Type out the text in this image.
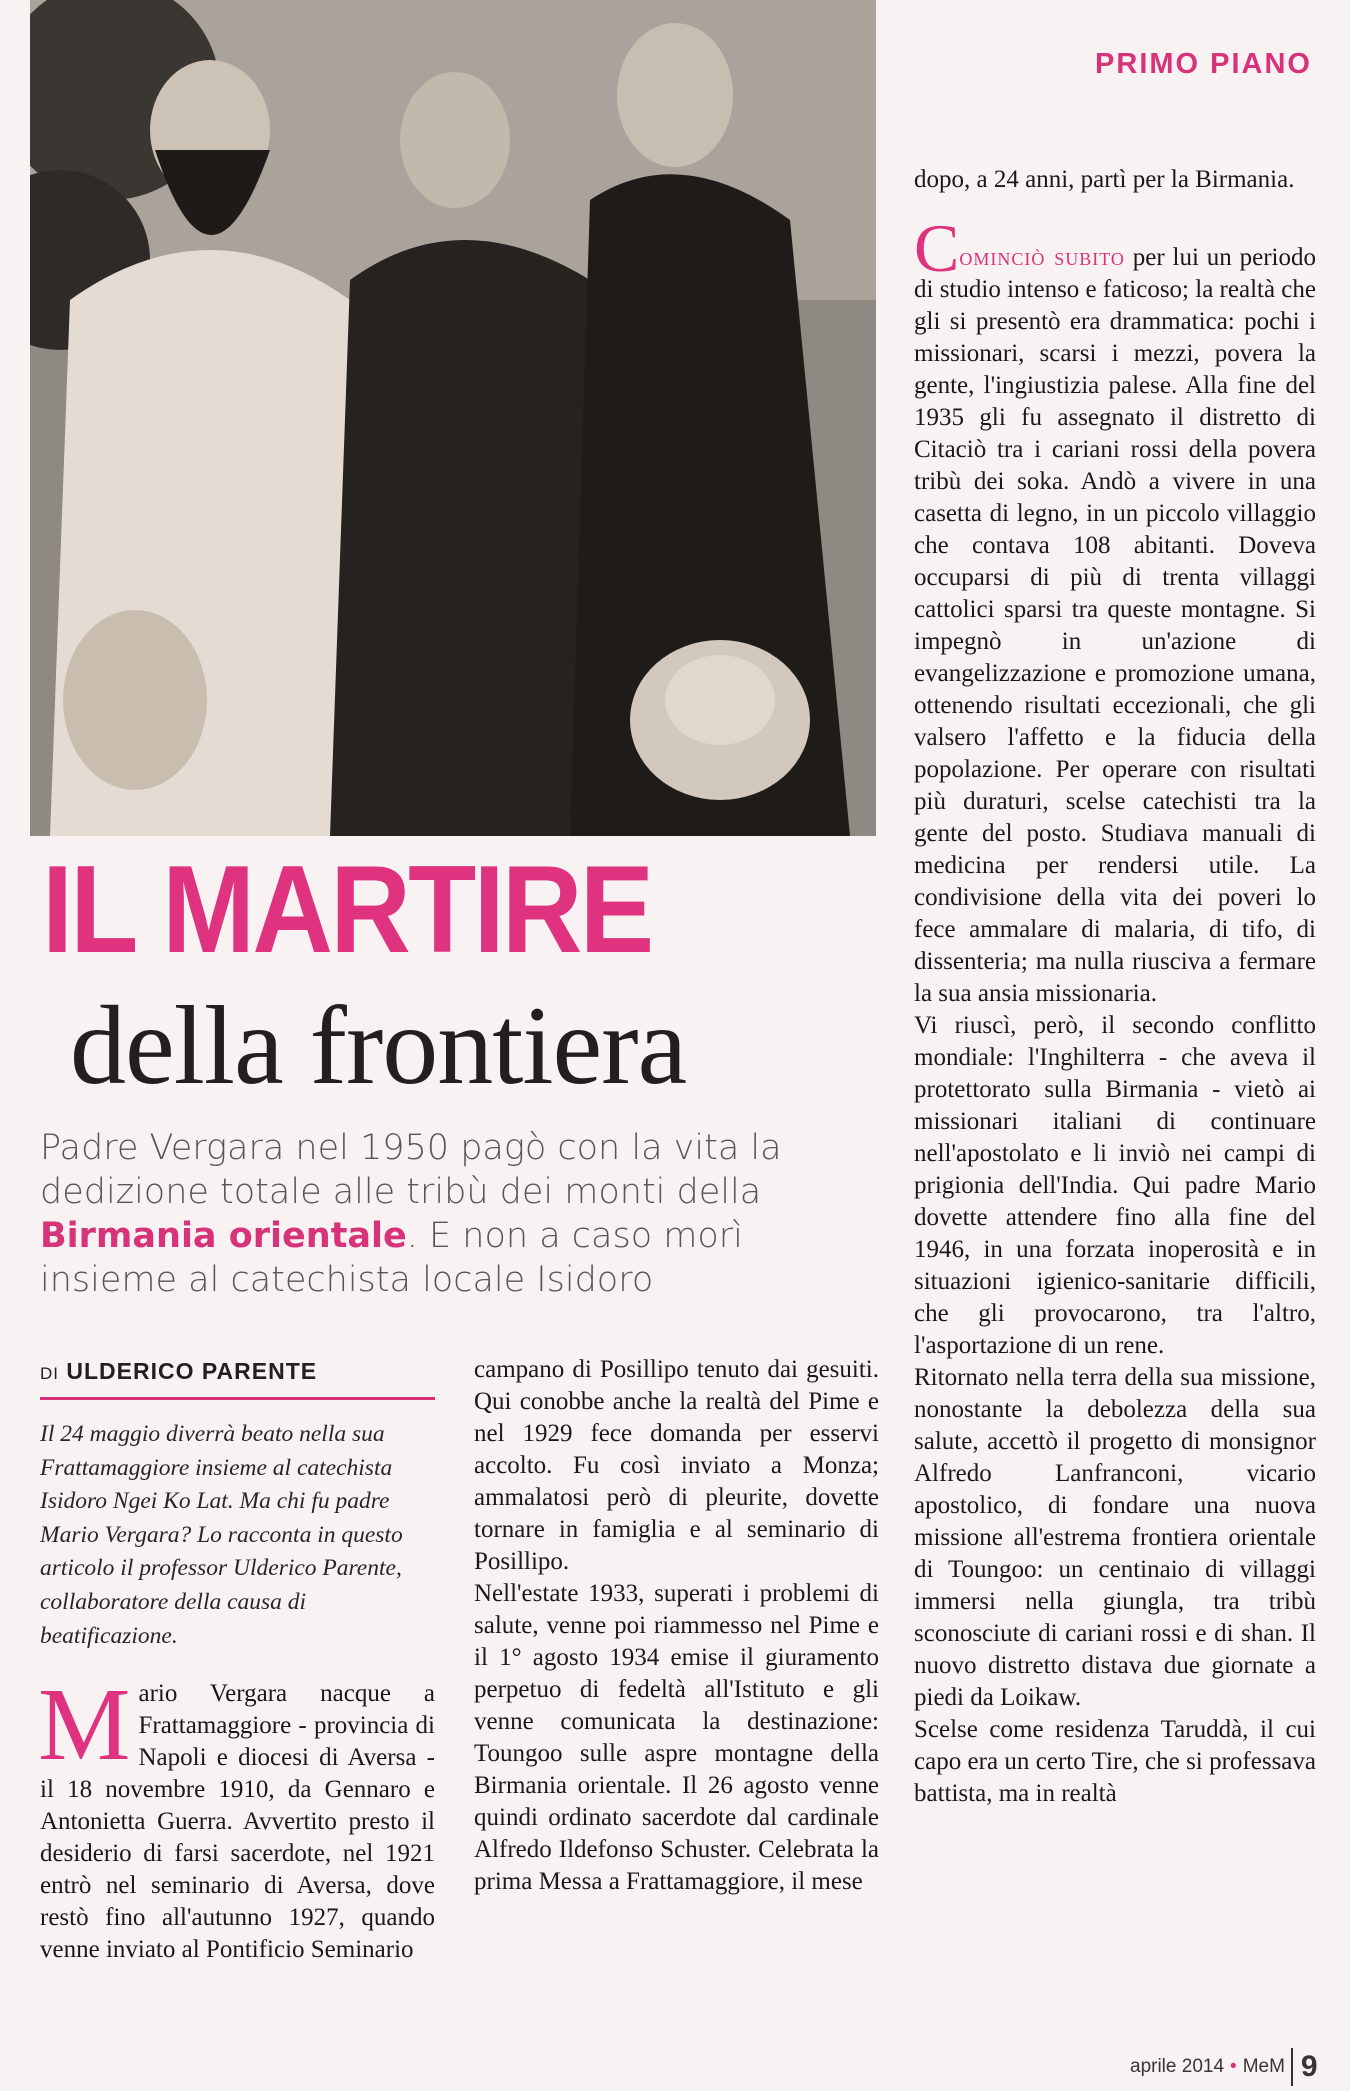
PRIMO PIANO
IL MARTIRE
della frontiera
Padre Vergara nel 1950 pagò con la vita la dedizione totale alle tribù dei monti della Birmania orientale. E non a caso morì insieme al catechista locale Isidoro
DI ULDERICO PARENTE
Il 24 maggio diverrà beato nella sua Frattamaggiore insieme al catechista Isidoro Ngei Ko Lat. Ma chi fu padre Mario Vergara? Lo racconta in questo articolo il professor Ulderico Parente, collaboratore della causa di beatificazione.

Mario Vergara nacque a Frattamaggiore - provincia di Napoli e diocesi di Aversa - il 18 novembre 1910, da Gennaro e Antonietta Guerra. Avvertito presto il desiderio di farsi sacerdote, nel 1921 entrò nel seminario di Aversa, dove restò fino all'autunno 1927, quando venne inviato al Pontificio Seminario

campano di Posillipo tenuto dai gesuiti. Qui conobbe anche la realtà del Pime e nel 1929 fece domanda per esservi accolto. Fu così inviato a Monza; ammalatosi però di pleurite, dovette tornare in famiglia e al seminario di Posillipo.

Nell'estate 1933, superati i problemi di salute, venne poi riammesso nel Pime e il 1° agosto 1934 emise il giuramento perpetuo di fedeltà all'Istituto e gli venne comunicata la destinazione: Toungoo sulle aspre montagne della Birmania orientale. Il 26 agosto venne quindi ordinato sacerdote dal cardinale Alfredo Ildefonso Schuster. Celebrata la prima Messa a Frattamaggiore, il mese

dopo, a 24 anni, partì per la Birmania.

Cominciò subito per lui un periodo di studio intenso e faticoso; la realtà che gli si presentò era drammatica: pochi i missionari, scarsi i mezzi, povera la gente, l'ingiustizia palese. Alla fine del 1935 gli fu assegnato il distretto di Citaciò tra i cariani rossi della povera tribù dei soka. Andò a vivere in una casetta di legno, in un piccolo villaggio che contava 108 abitanti. Doveva occuparsi di più di trenta villaggi cattolici sparsi tra queste montagne. Si impegnò in un'azione di evangelizzazione e promozione umana, ottenendo risultati eccezionali, che gli valsero l'affetto e la fiducia della popolazione. Per operare con risultati più duraturi, scelse catechisti tra la gente del posto. Studiava manuali di medicina per rendersi utile. La condivisione della vita dei poveri lo fece ammalare di malaria, di tifo, di dissenteria; ma nulla riusciva a fermare la sua ansia missionaria.

Vi riuscì, però, il secondo conflitto mondiale: l'Inghilterra - che aveva il protettorato sulla Birmania - vietò ai missionari italiani di continuare nell'apostolato e li inviò nei campi di prigionia dell'India. Qui padre Mario dovette attendere fino alla fine del 1946, in una forzata inoperosità e in situazioni igienico-sanitarie difficili, che gli provocarono, tra l'altro, l'asportazione di un rene.

Ritornato nella terra della sua missione, nonostante la debolezza della sua salute, accettò il progetto di monsignor Alfredo Lanfranconi, vicario apostolico, di fondare una nuova missione all'estrema frontiera orientale di Toungoo: un centinaio di villaggi immersi nella giungla, tra tribù sconosciute di cariani rossi e di shan. Il nuovo distretto distava due giornate a piedi da Loikaw.

Scelse come residenza Taruddà, il cui capo era un certo Tire, che si professava battista, ma in realtà

aprile 2014 • MeM 9
